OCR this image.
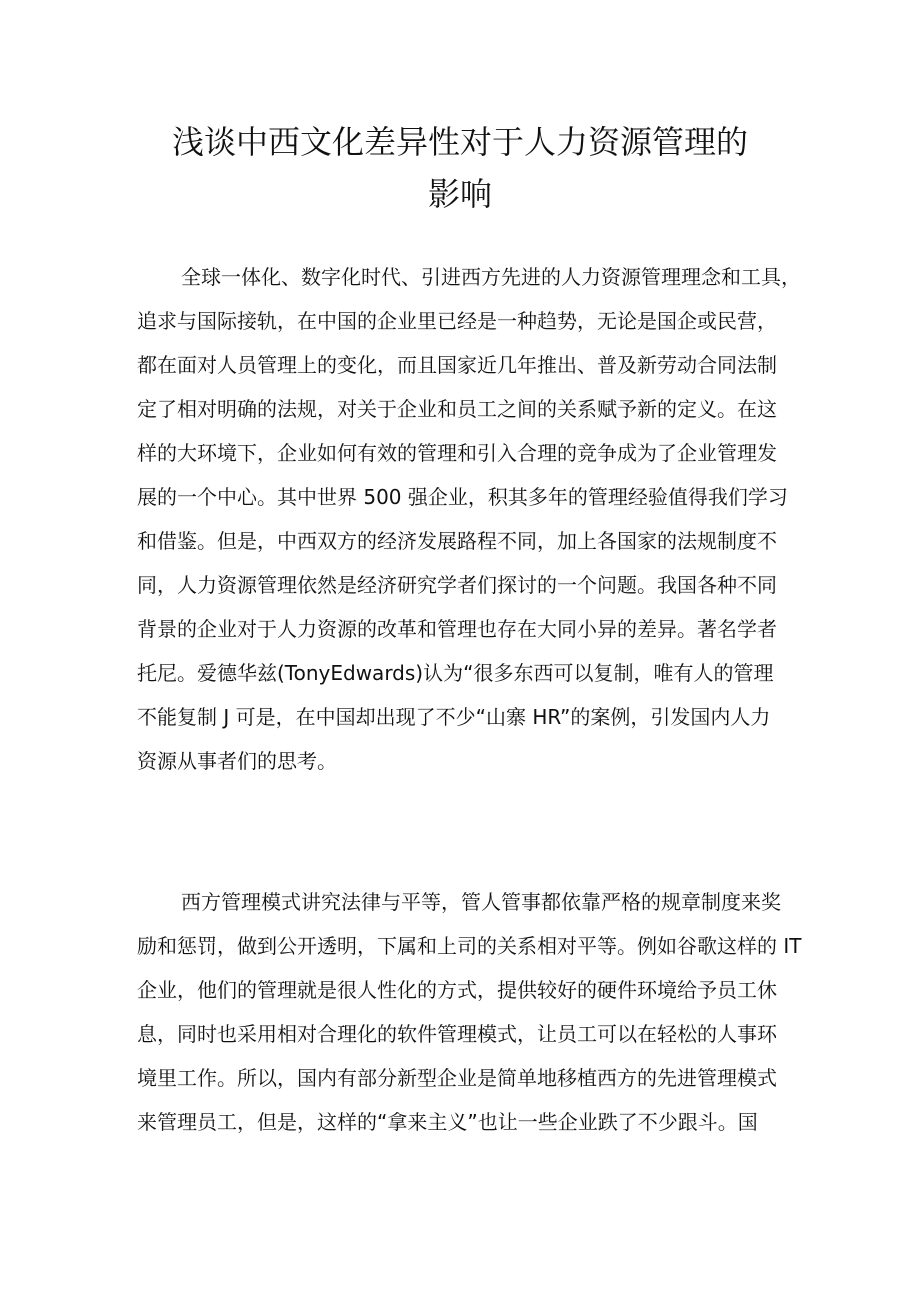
浅谈中西文化差异性对于人力资源管理的
影响

全球一体化、数字化时代、引进西方先进的人力资源管理理念和工具，
追求与国际接轨，在中国的企业里已经是一种趋势，无论是国企或民营，
都在面对人员管理上的变化，而且国家近几年推出、普及新劳动合同法制
定了相对明确的法规，对关于企业和员工之间的关系赋予新的定义。在这
样的大环境下，企业如何有效的管理和引入合理的竞争成为了企业管理发
展的一个中心。其中世界 500 强企业，积其多年的管理经验值得我们学习
和借鉴。但是，中西双方的经济发展路程不同，加上各国家的法规制度不
同，人力资源管理依然是经济研究学者们探讨的一个问题。我国各种不同
背景的企业对于人力资源的改革和管理也存在大同小异的差异。著名学者
托尼。爱德华兹(TonyEdwards)认为“很多东西可以复制，唯有人的管理
不能复制 J 可是，在中国却出现了不少“山寨 HR”的案例，引发国内人力
资源从事者们的思考。

西方管理模式讲究法律与平等，管人管事都依靠严格的规章制度来奖
励和惩罚，做到公开透明，下属和上司的关系相对平等。例如谷歌这样的 IT
企业，他们的管理就是很人性化的方式，提供较好的硬件环境给予员工休
息，同时也采用相对合理化的软件管理模式，让员工可以在轻松的人事环
境里工作。所以，国内有部分新型企业是简单地移植西方的先进管理模式
来管理员工，但是，这样的“拿来主义”也让一些企业跌了不少跟斗。国
